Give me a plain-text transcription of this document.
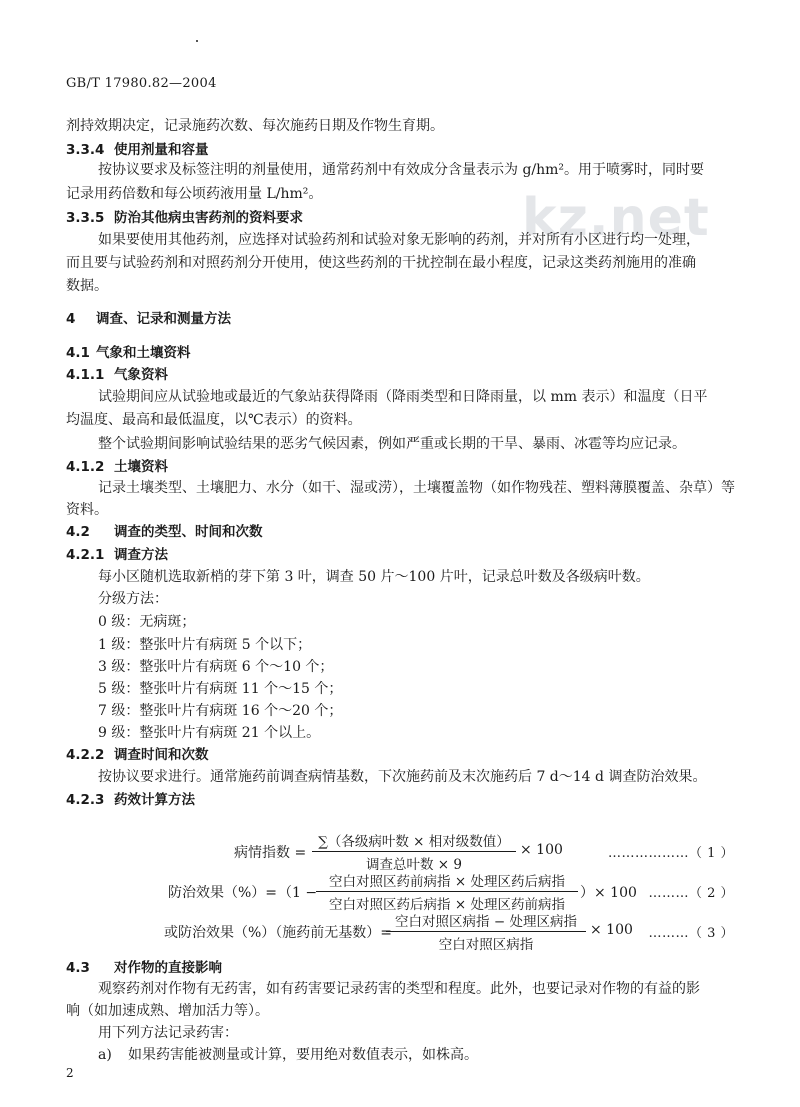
GB/T 17980.82—2004
kz.net
剂持效期决定，记录施药次数、每次施药日期及作物生育期。
3.3.4 使用剂量和容量
按协议要求及标签注明的剂量使用，通常药剂中有效成分含量表示为 g/hm²。用于喷雾时，同时要
记录用药倍数和每公顷药液用量 L/hm²。
3.3.5 防治其他病虫害药剂的资料要求
如果要使用其他药剂，应选择对试验药剂和试验对象无影响的药剂，并对所有小区进行均一处理，
而且要与试验药剂和对照药剂分开使用，使这些药剂的干扰控制在最小程度，记录这类药剂施用的准确
数据。
4 调查、记录和测量方法
4.1 气象和土壤资料
4.1.1 气象资料
试验期间应从试验地或最近的气象站获得降雨（降雨类型和日降雨量，以 mm 表示）和温度（日平
均温度、最高和最低温度，以℃表示）的资料。
整个试验期间影响试验结果的恶劣气候因素，例如严重或长期的干旱、暴雨、冰雹等均应记录。
4.1.2 土壤资料
记录土壤类型、土壤肥力、水分（如干、湿或涝），土壤覆盖物（如作物残茬、塑料薄膜覆盖、杂草）等
资料。
4.2 调查的类型、时间和次数
4.2.1 调查方法
每小区随机选取新梢的芽下第 3 叶，调查 50 片～100 片叶，记录总叶数及各级病叶数。
分级方法：
0 级：无病斑；
1 级：整张叶片有病斑 5 个以下；
3 级：整张叶片有病斑 6 个～10 个；
5 级：整张叶片有病斑 11 个～15 个；
7 级：整张叶片有病斑 16 个～20 个；
9 级：整张叶片有病斑 21 个以上。
4.2.2 调查时间和次数
按协议要求进行。通常施药前调查病情基数，下次施药前及末次施药后 7 d～14 d 调查防治效果。
4.2.3 药效计算方法
病情指数 =
∑（各级病叶数 × 相对级数值）
调查总叶数 × 9
× 100	………………（ 1 ）
防治效果（%）= （1 −
空白对照区药前病指 × 处理区药后病指
空白对照区药后病指 × 处理区药前病指
）× 100 ………（ 2 ）
或防治效果（%）（施药前无基数）=
空白对照区病指 − 处理区病指
空白对照区病指
× 100 ………（ 3 ）
4.3 对作物的直接影响
观察药剂对作物有无药害，如有药害要记录药害的类型和程度。此外，也要记录对作物的有益的影
响（如加速成熟、增加活力等）。
用下列方法记录药害：
a) 如果药害能被测量或计算，要用绝对数值表示，如株高。
2
